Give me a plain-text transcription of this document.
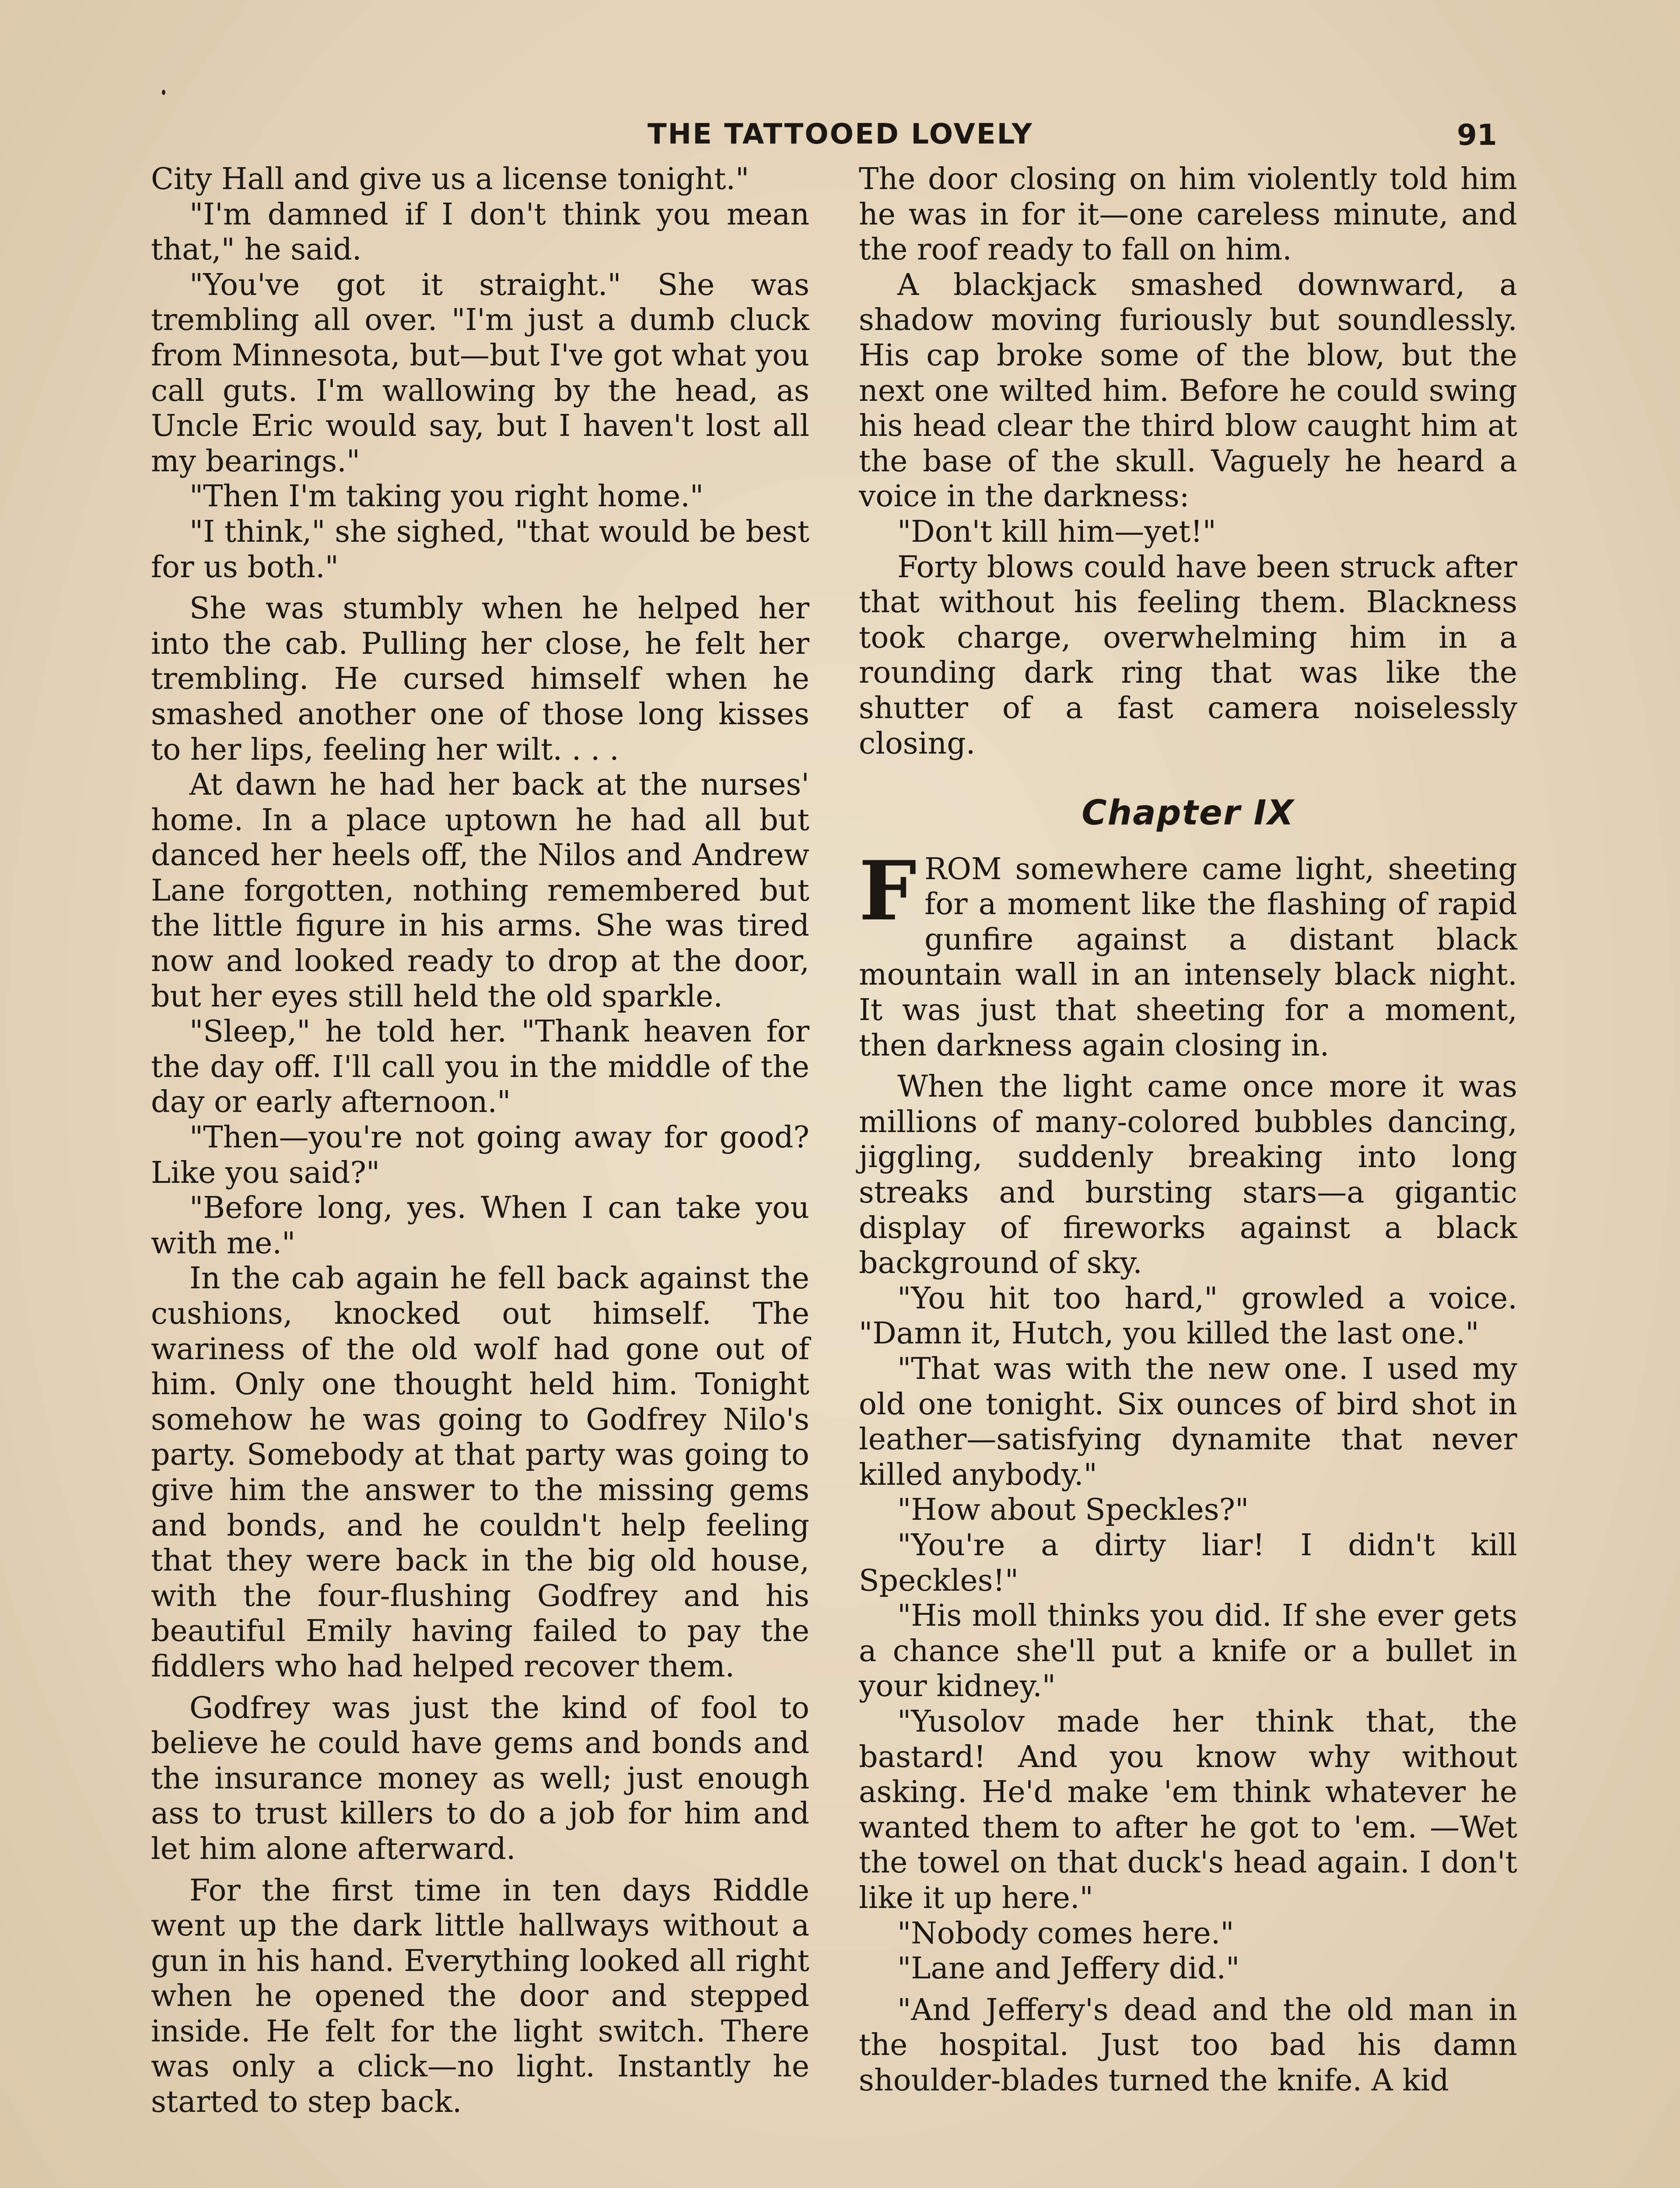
THE TATTOOED LOVELY	91

City Hall and give us a license tonight."

"I'm damned if I don't think you mean that," he said.

"You've got it straight." She was trembling all over. "I'm just a dumb cluck from Minnesota, but—but I've got what you call guts. I'm wallowing by the head, as Uncle Eric would say, but I haven't lost all my bearings."

"Then I'm taking you right home."

"I think," she sighed, "that would be best for us both."

She was stumbly when he helped her into the cab. Pulling her close, he felt her trembling. He cursed himself when he smashed another one of those long kisses to her lips, feeling her wilt. . . .

At dawn he had her back at the nurses' home. In a place uptown he had all but danced her heels off, the Nilos and Andrew Lane forgotten, nothing remembered but the little figure in his arms. She was tired now and looked ready to drop at the door, but her eyes still held the old sparkle.

"Sleep," he told her. "Thank heaven for the day off. I'll call you in the middle of the day or early afternoon."

"Then—you're not going away for good? Like you said?"

"Before long, yes. When I can take you with me."

In the cab again he fell back against the cushions, knocked out himself. The wariness of the old wolf had gone out of him. Only one thought held him. Tonight somehow he was going to Godfrey Nilo's party. Somebody at that party was going to give him the answer to the missing gems and bonds, and he couldn't help feeling that they were back in the big old house, with the four-flushing Godfrey and his beautiful Emily having failed to pay the fiddlers who had helped recover them.

Godfrey was just the kind of fool to believe he could have gems and bonds and the insurance money as well; just enough ass to trust killers to do a job for him and let him alone afterward.

For the first time in ten days Riddle went up the dark little hallways without a gun in his hand. Everything looked all right when he opened the door and stepped inside. He felt for the light switch. There was only a click—no light. Instantly he started to step back.

The door closing on him violently told him he was in for it—one careless minute, and the roof ready to fall on him.

A blackjack smashed downward, a shadow moving furiously but soundlessly. His cap broke some of the blow, but the next one wilted him. Before he could swing his head clear the third blow caught him at the base of the skull. Vaguely he heard a voice in the darkness:

"Don't kill him—yet!"

Forty blows could have been struck after that without his feeling them. Blackness took charge, overwhelming him in a rounding dark ring that was like the shutter of a fast camera noiselessly closing.

Chapter IX

FROM somewhere came light, sheeting for a moment like the flashing of rapid gunfire against a distant black mountain wall in an intensely black night. It was just that sheeting for a moment, then darkness again closing in.

When the light came once more it was millions of many-colored bubbles dancing, jiggling, suddenly breaking into long streaks and bursting stars—a gigantic display of fireworks against a black background of sky.

"You hit too hard," growled a voice. "Damn it, Hutch, you killed the last one."

"That was with the new one. I used my old one tonight. Six ounces of bird shot in leather—satisfying dynamite that never killed anybody."

"How about Speckles?"

"You're a dirty liar! I didn't kill Speckles!"

"His moll thinks you did. If she ever gets a chance she'll put a knife or a bullet in your kidney."

"Yusolov made her think that, the bastard! And you know why without asking. He'd make 'em think whatever he wanted them to after he got to 'em. —Wet the towel on that duck's head again. I don't like it up here."

"Nobody comes here."

"Lane and Jeffery did."

"And Jeffery's dead and the old man in the hospital. Just too bad his damn shoulder-blades turned the knife. A kid
